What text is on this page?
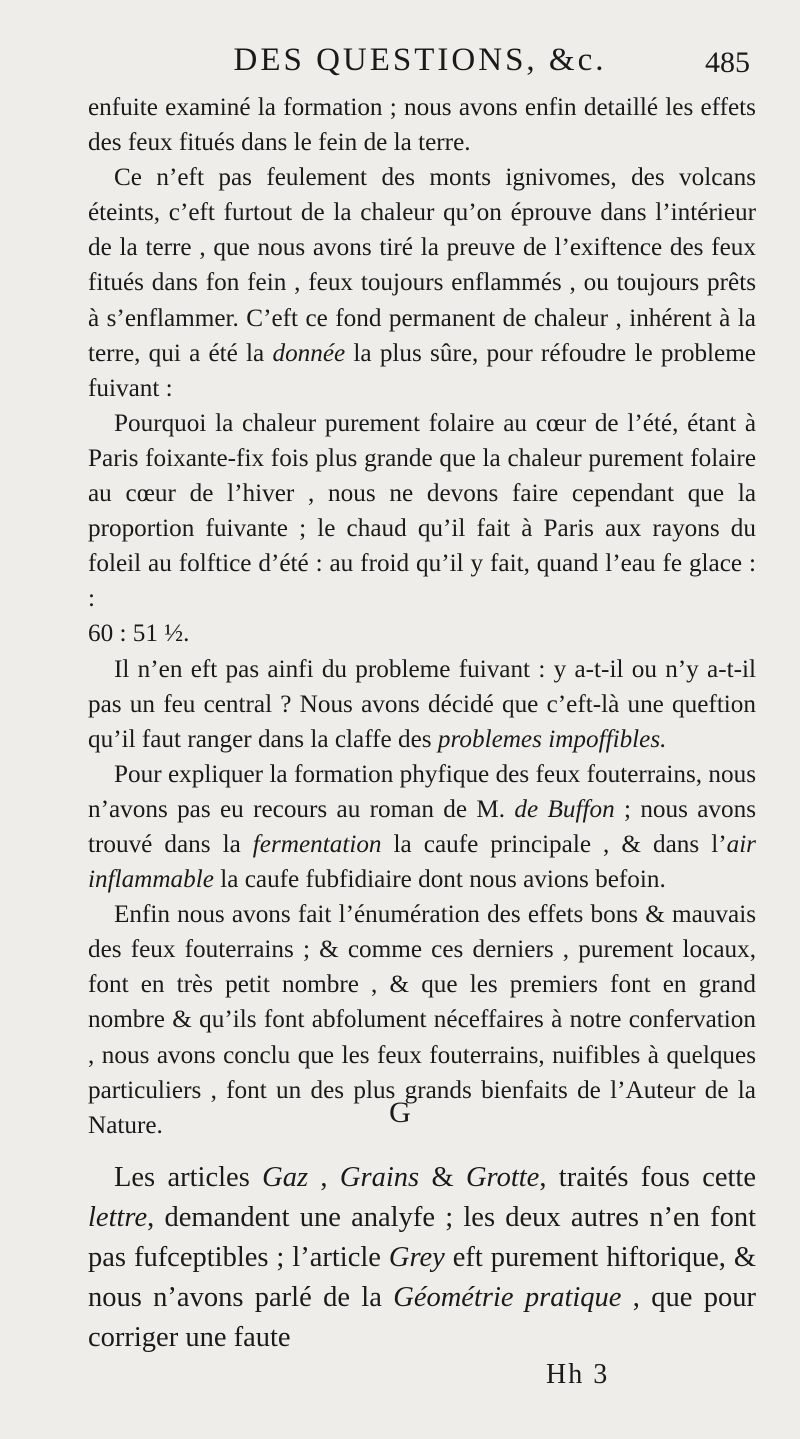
DES QUESTIONS, &c.	485

enfuite examiné la formation ; nous avons enfin detaillé les effets des feux fitués dans le fein de la terre.

Ce n’eft pas feulement des monts ignivomes, des volcans éteints, c’eft furtout de la chaleur qu’on éprouve dans l’intérieur de la terre , que nous avons tiré la preuve de l’exiftence des feux fitués dans fon fein , feux toujours enflammés , ou toujours prêts à s’enflammer. C’eft ce fond permanent de chaleur , inhérent à la terre, qui a été la donnée la plus sûre, pour réfoudre le probleme fuivant :

Pourquoi la chaleur purement folaire au cœur de l’été, étant à Paris foixante-fix fois plus grande que la chaleur purement folaire au cœur de l’hiver , nous ne devons faire cependant que la proportion fuivante ; le chaud qu’il fait à Paris aux rayons du foleil au folftice d’été : au froid qu’il y fait, quand l’eau fe glace : :
60 : 51 ½.

Il n’en eft pas ainfi du probleme fuivant : y a-t-il ou n’y a-t-il pas un feu central ? Nous avons décidé que c’eft-là une queftion qu’il faut ranger dans la claffe des problemes impoffibles.

Pour expliquer la formation phyfique des feux fouterrains, nous n’avons pas eu recours au roman de M. de Buffon ; nous avons trouvé dans la fermentation la caufe principale , & dans l’air inflammable la caufe fubfidiaire dont nous avions befoin.

Enfin nous avons fait l’énumération des effets bons & mauvais des feux fouterrains ; & comme ces derniers , purement locaux, font en très petit nombre , & que les premiers font en grand nombre & qu’ils font abfolument néceffaires à notre confervation , nous avons conclu que les feux fouterrains, nuifibles à quelques particuliers , font un des plus grands bienfaits de l’Auteur de la Nature.	G

Les articles Gaz , Grains & Grotte, traités fous cette lettre, demandent une analyfe ; les deux autres n’en font pas fufceptibles ; l’article Grey eft purement hiftorique, & nous n’avons parlé de la Géométrie pratique , que pour corriger une faute

Hh 3
